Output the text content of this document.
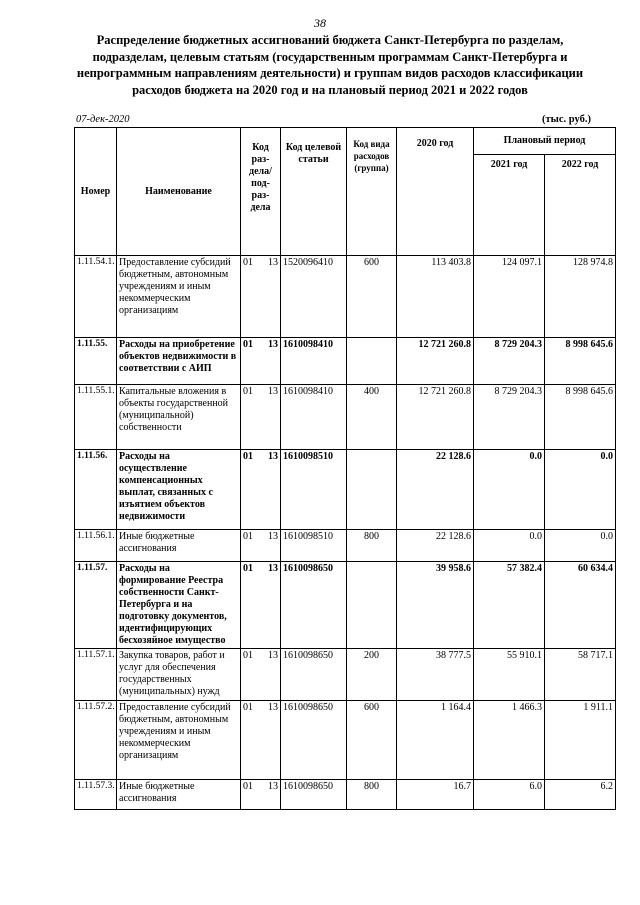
38
Распределение бюджетных ассигнований бюджета Санкт-Петербурга по разделам, подразделам, целевым статьям (государственным программам Санкт-Петербурга и непрограммным направлениям деятельности) и группам видов расходов классификации расходов бюджета на 2020 год и на плановый период 2021 и 2022 годов
07-дек-2020	(тыс. руб.)
Номер	Наименование	Код раз-дела/ под-раз-дела	Код целевой статьи	Код вида расходов (группа)	2020 год	Плановый период	
						2021 год	2022 год
1.11.54.1.	Предоставление субсидий бюджетным, автономным учреждениям и иным некоммерческим организациям	01 13	1520096410	600	113 403.8	124 097.1	128 974.8
1.11.55.	Расходы на приобретение объектов недвижимости в соответствии с АИП	01 13	1610098410		12 721 260.8	8 729 204.3	8 998 645.6
1.11.55.1.	Капитальные вложения в объекты государственной (муниципальной) собственности	01 13	1610098410	400	12 721 260.8	8 729 204.3	8 998 645.6
1.11.56.	Расходы на осуществление компенсационных выплат, связанных с изъятием объектов недвижимости	01 13	1610098510		22 128.6	0.0	0.0
1.11.56.1.	Иные бюджетные ассигнования	01 13	1610098510	800	22 128.6	0.0	0.0
1.11.57.	Расходы на формирование Реестра собственности Санкт-Петербурга и на подготовку документов, идентифицирующих бесхозяйное имущество	01 13	1610098650		39 958.6	57 382.4	60 634.4
1.11.57.1.	Закупка товаров, работ и услуг для обеспечения государственных (муниципальных) нужд	01 13	1610098650	200	38 777.5	55 910.1	58 717.1
1.11.57.2.	Предоставление субсидий бюджетным, автономным учреждениям и иным некоммерческим организациям	01 13	1610098650	600	1 164.4	1 466.3	1 911.1
1.11.57.3.	Иные бюджетные ассигнования	01 13	1610098650	800	16.7	6.0	6.2
